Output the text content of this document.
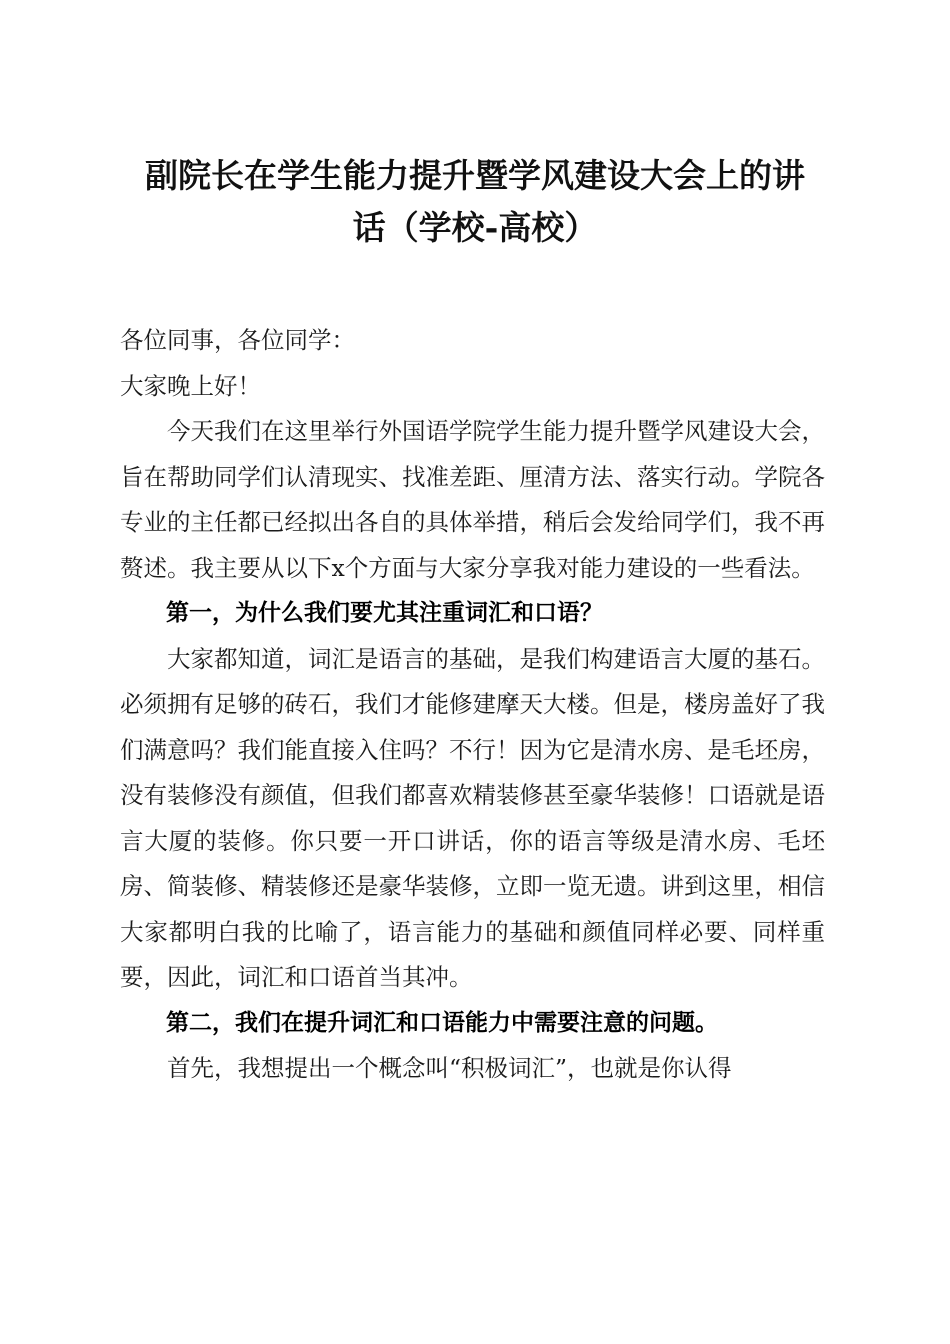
副院长在学生能力提升暨学风建设大会上的讲
话（学校-高校）

各位同事，各位同学：

大家晚上好！

今天我们在这里举行外国语学院学生能力提升暨学风建设大会，旨在帮助同学们认清现实、找准差距、厘清方法、落实行动。学院各专业的主任都已经拟出各自的具体举措，稍后会发给同学们，我不再赘述。我主要从以下x个方面与大家分享我对能力建设的一些看法。

第一，为什么我们要尤其注重词汇和口语？

大家都知道，词汇是语言的基础，是我们构建语言大厦的基石。必须拥有足够的砖石，我们才能修建摩天大楼。但是，楼房盖好了我们满意吗？我们能直接入住吗？不行！因为它是清水房、是毛坯房，没有装修没有颜值，但我们都喜欢精装修甚至豪华装修！口语就是语言大厦的装修。你只要一开口讲话，你的语言等级是清水房、毛坯房、简装修、精装修还是豪华装修，立即一览无遗。讲到这里，相信大家都明白我的比喻了，语言能力的基础和颜值同样必要、同样重要，因此，词汇和口语首当其冲。

第二，我们在提升词汇和口语能力中需要注意的问题。

首先，我想提出一个概念叫“积极词汇”，也就是你认得
